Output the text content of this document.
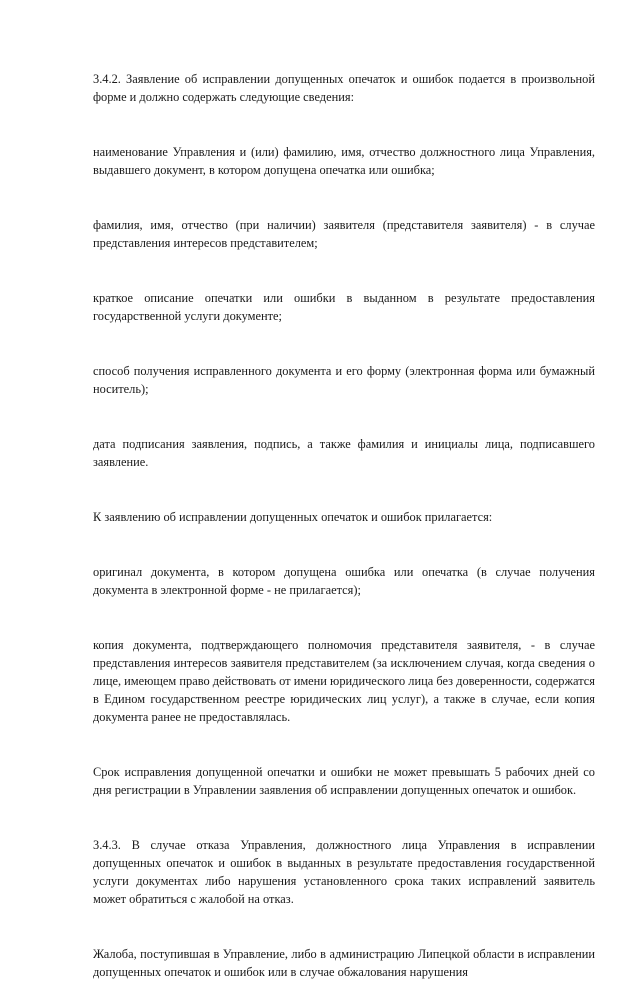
3.4.2. Заявление об исправлении допущенных опечаток и ошибок подается в произвольной форме и должно содержать следующие сведения:

наименование Управления и (или) фамилию, имя, отчество должностного лица Управления, выдавшего документ, в котором допущена опечатка или ошибка;

фамилия, имя, отчество (при наличии) заявителя (представителя заявителя) - в случае представления интересов представителем;

краткое описание опечатки или ошибки в выданном в результате предоставления государственной услуги документе;

способ получения исправленного документа и его форму (электронная форма или бумажный носитель);

дата подписания заявления, подпись, а также фамилия и инициалы лица, подписавшего заявление.

К заявлению об исправлении допущенных опечаток и ошибок прилагается:

оригинал документа, в котором допущена ошибка или опечатка (в случае получения документа в электронной форме - не прилагается);

копия документа, подтверждающего полномочия представителя заявителя, - в случае представления интересов заявителя представителем (за исключением случая, когда сведения о лице, имеющем право действовать от имени юридического лица без доверенности, содержатся в Едином государственном реестре юридических лиц услуг), а также в случае, если копия документа ранее не предоставлялась.

Срок исправления допущенной опечатки и ошибки не может превышать 5 рабочих дней со дня регистрации в Управлении заявления об исправлении допущенных опечаток и ошибок.

3.4.3. В случае отказа Управления, должностного лица Управления в исправлении допущенных опечаток и ошибок в выданных в результате предоставления государственной услуги документах либо нарушения установленного срока таких исправлений заявитель может обратиться с жалобой на отказ.

Жалоба, поступившая в Управление, либо в администрацию Липецкой области в исправлении допущенных опечаток и ошибок или в случае обжалования нарушения
